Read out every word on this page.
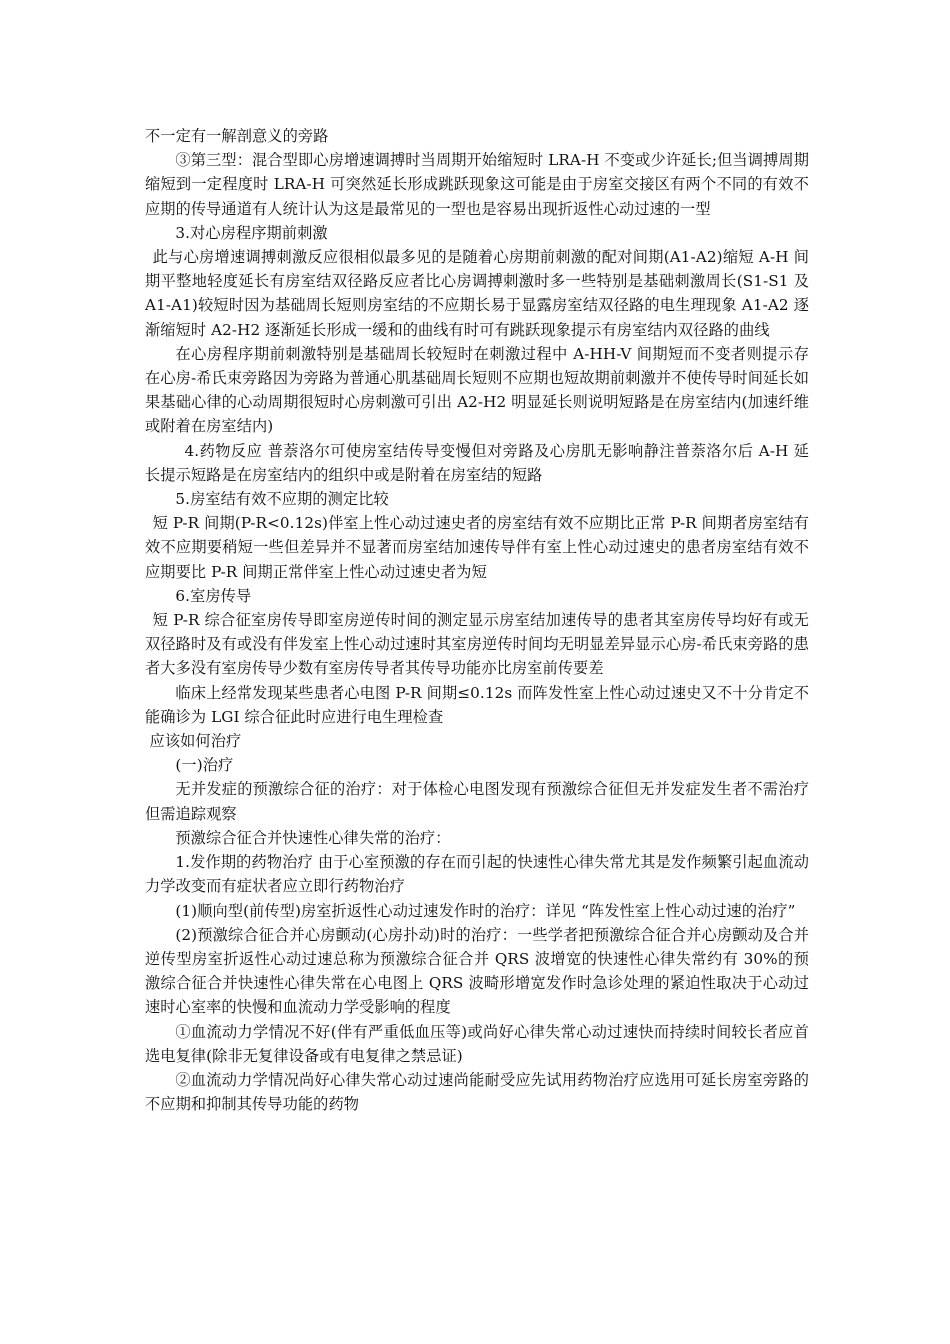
不一定有一解剖意义的旁路

③第三型：混合型即心房增速调搏时当周期开始缩短时 LRA-H 不变或少许延长;但当调搏周期缩短到一定程度时 LRA-H 可突然延长形成跳跃现象这可能是由于房室交接区有两个不同的有效不应期的传导通道有人统计认为这是最常见的一型也是容易出现折返性心动过速的一型

3.对心房程序期前刺激

此与心房增速调搏刺激反应很相似最多见的是随着心房期前刺激的配对间期(A1-A2)缩短 A-H 间期平整地轻度延长有房室结双径路反应者比心房调搏刺激时多一些特别是基础刺激周长(S1-S1 及 A1-A1)较短时因为基础周长短则房室结的不应期长易于显露房室结双径路的电生理现象 A1-A2 逐渐缩短时 A2-H2 逐渐延长形成一缓和的曲线有时可有跳跃现象提示有房室结内双径路的曲线

在心房程序期前刺激特别是基础周长较短时在刺激过程中 A-HH-V 间期短而不变者则提示存在心房-希氏束旁路因为旁路为普通心肌基础周长短则不应期也短故期前刺激并不使传导时间延长如果基础心律的心动周期很短时心房刺激可引出 A2-H2 明显延长则说明短路是在房室结内(加速纤维或附着在房室结内)

4.药物反应 普萘洛尔可使房室结传导变慢但对旁路及心房肌无影响静注普萘洛尔后 A-H 延长提示短路是在房室结内的组织中或是附着在房室结的短路

5.房室结有效不应期的测定比较

短 P-R 间期(P-R<0.12s)伴室上性心动过速史者的房室结有效不应期比正常 P-R 间期者房室结有效不应期要稍短一些但差异并不显著而房室结加速传导伴有室上性心动过速史的患者房室结有效不应期要比 P-R 间期正常伴室上性心动过速史者为短

6.室房传导

短 P-R 综合征室房传导即室房逆传时间的测定显示房室结加速传导的患者其室房传导均好有或无双径路时及有或没有伴发室上性心动过速时其室房逆传时间均无明显差异显示心房-希氏束旁路的患者大多没有室房传导少数有室房传导者其传导功能亦比房室前传要差

临床上经常发现某些患者心电图 P-R 间期≤0.12s 而阵发性室上性心动过速史又不十分肯定不能确诊为 LGI 综合征此时应进行电生理检查

应该如何治疗

(一)治疗

无并发症的预激综合征的治疗：对于体检心电图发现有预激综合征但无并发症发生者不需治疗但需追踪观察

预激综合征合并快速性心律失常的治疗：

1.发作期的药物治疗 由于心室预激的存在而引起的快速性心律失常尤其是发作频繁引起血流动力学改变而有症状者应立即行药物治疗

(1)顺向型(前传型)房室折返性心动过速发作时的治疗：详见 “阵发性室上性心动过速的治疗”

(2)预激综合征合并心房颤动(心房扑动)时的治疗：一些学者把预激综合征合并心房颤动及合并逆传型房室折返性心动过速总称为预激综合征合并 QRS 波增宽的快速性心律失常约有 30%的预激综合征合并快速性心律失常在心电图上 QRS 波畸形增宽发作时急诊处理的紧迫性取决于心动过速时心室率的快慢和血流动力学受影响的程度

①血流动力学情况不好(伴有严重低血压等)或尚好心律失常心动过速快而持续时间较长者应首选电复律(除非无复律设备或有电复律之禁忌证)

②血流动力学情况尚好心律失常心动过速尚能耐受应先试用药物治疗应选用可延长房室旁路的不应期和抑制其传导功能的药物
